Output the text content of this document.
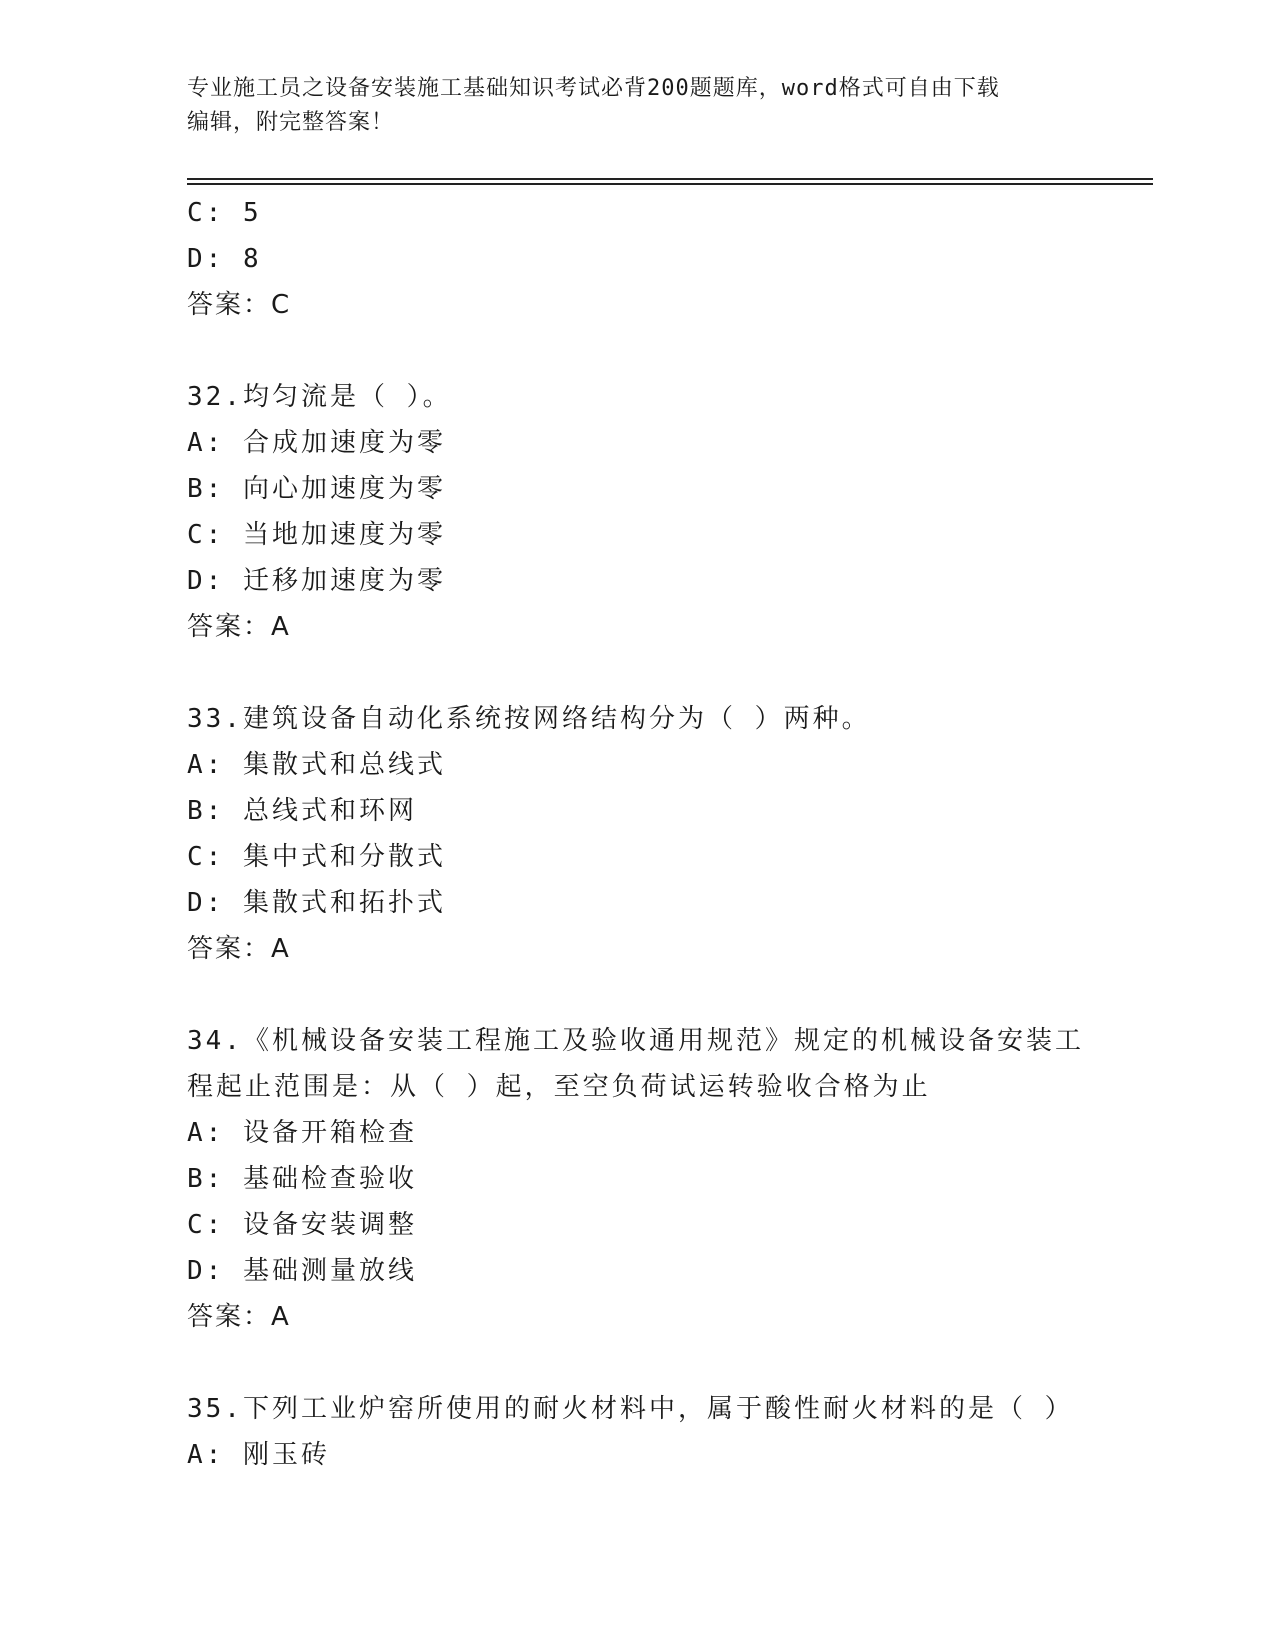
专业施工员之设备安装施工基础知识考试必背200题题库，word格式可自由下载
编辑，附完整答案！
C: 5
D: 8
答案：C
32.均匀流是（ ）。
A: 合成加速度为零
B: 向心加速度为零
C: 当地加速度为零
D: 迁移加速度为零
答案：A
33.建筑设备自动化系统按网络结构分为（ ）两种。
A: 集散式和总线式
B: 总线式和环网
C: 集中式和分散式
D: 集散式和拓扑式
答案：A
34.《机械设备安装工程施工及验收通用规范》规定的机械设备安装工
程起止范围是：从（ ）起，至空负荷试运转验收合格为止
A: 设备开箱检查
B: 基础检查验收
C: 设备安装调整
D: 基础测量放线
答案：A
35.下列工业炉窑所使用的耐火材料中，属于酸性耐火材料的是（ ）
A: 刚玉砖
